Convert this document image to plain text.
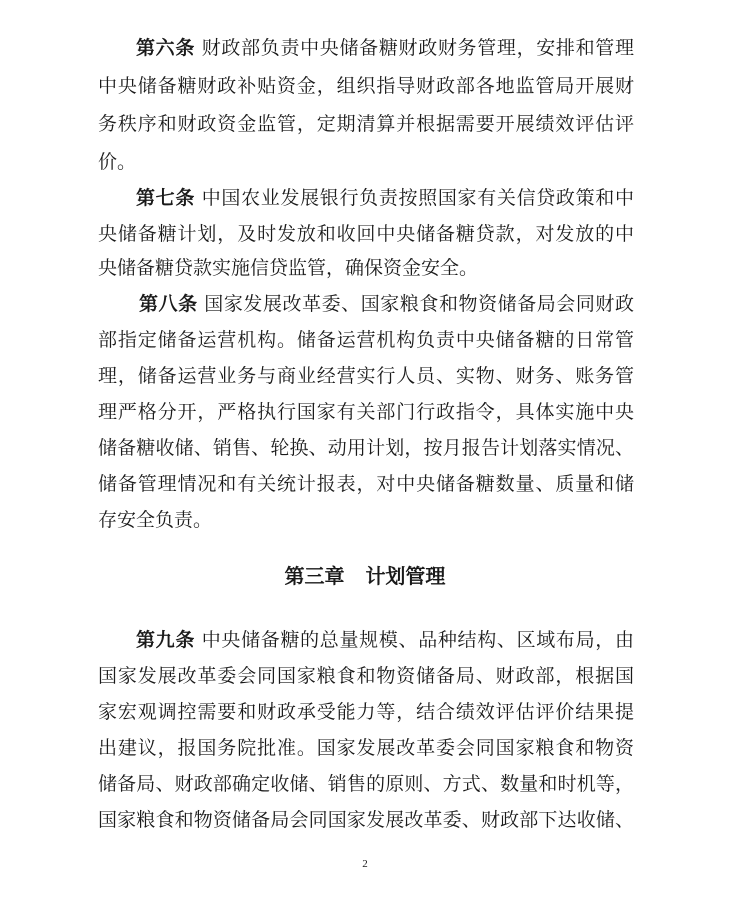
第六条 财政部负责中央储备糖财政财务管理，安排和管理
中央储备糖财政补贴资金，组织指导财政部各地监管局开展财
务秩序和财政资金监管，定期清算并根据需要开展绩效评估评
价。
第七条 中国农业发展银行负责按照国家有关信贷政策和中
央储备糖计划，及时发放和收回中央储备糖贷款，对发放的中
央储备糖贷款实施信贷监管，确保资金安全。
第八条 国家发展改革委、国家粮食和物资储备局会同财政
部指定储备运营机构。储备运营机构负责中央储备糖的日常管
理，储备运营业务与商业经营实行人员、实物、财务、账务管
理严格分开，严格执行国家有关部门行政指令，具体实施中央
储备糖收储、销售、轮换、动用计划，按月报告计划落实情况、
储备管理情况和有关统计报表，对中央储备糖数量、质量和储
存安全负责。
第三章 计划管理
第九条 中央储备糖的总量规模、品种结构、区域布局，由
国家发展改革委会同国家粮食和物资储备局、财政部，根据国
家宏观调控需要和财政承受能力等，结合绩效评估评价结果提
出建议，报国务院批准。国家发展改革委会同国家粮食和物资
储备局、财政部确定收储、销售的原则、方式、数量和时机等，
国家粮食和物资储备局会同国家发展改革委、财政部下达收储、
2
